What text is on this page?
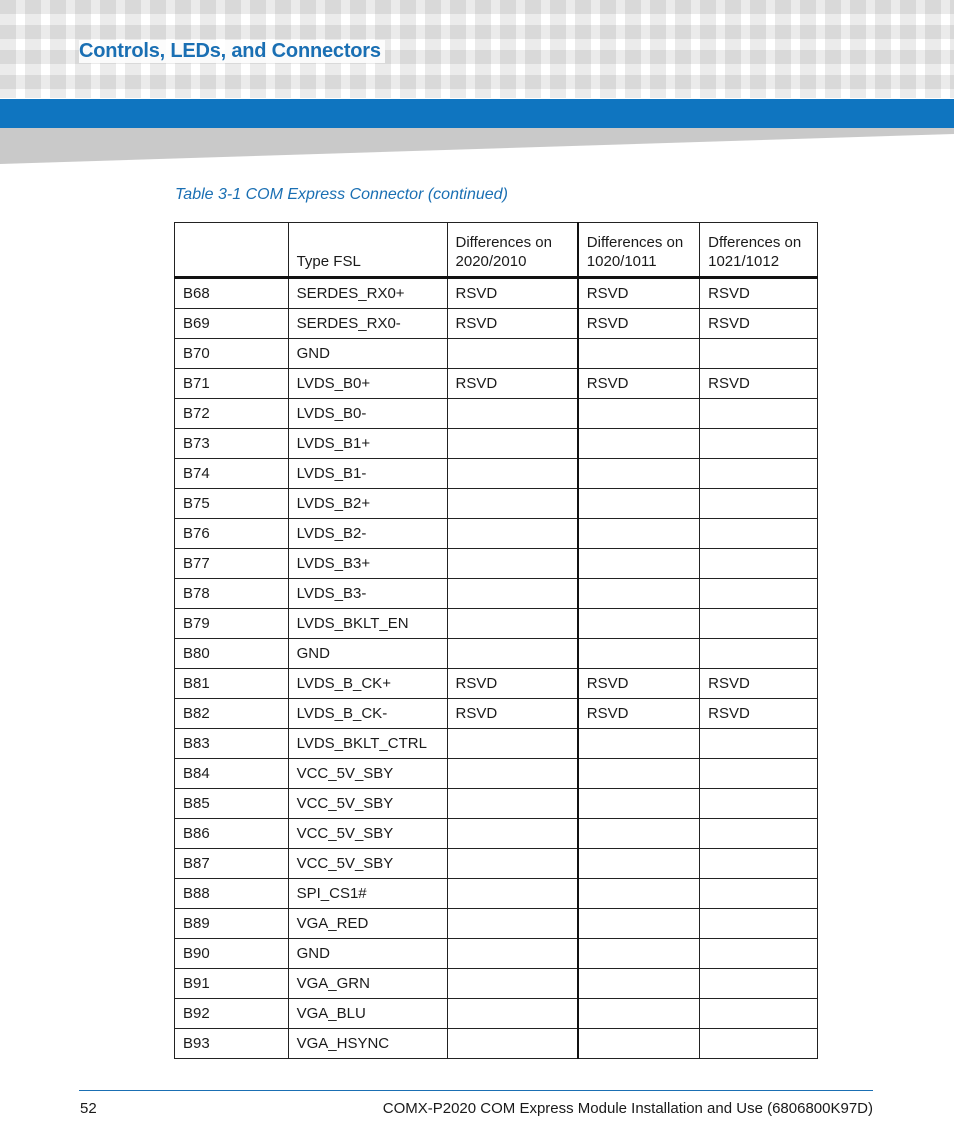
Controls, LEDs, and Connectors

Table 3-1 COM Express Connector (continued)

	Type FSL	Differences on 2020/2010	Differences on 1020/1011	Dfferences on 1021/1012
B68	SERDES_RX0+	RSVD	RSVD	RSVD
B69	SERDES_RX0-	RSVD	RSVD	RSVD
B70	GND			
B71	LVDS_B0+	RSVD	RSVD	RSVD
B72	LVDS_B0-			
B73	LVDS_B1+			
B74	LVDS_B1-			
B75	LVDS_B2+			
B76	LVDS_B2-			
B77	LVDS_B3+			
B78	LVDS_B3-			
B79	LVDS_BKLT_EN			
B80	GND			
B81	LVDS_B_CK+	RSVD	RSVD	RSVD
B82	LVDS_B_CK-	RSVD	RSVD	RSVD
B83	LVDS_BKLT_CTRL			
B84	VCC_5V_SBY			
B85	VCC_5V_SBY			
B86	VCC_5V_SBY			
B87	VCC_5V_SBY			
B88	SPI_CS1#			
B89	VGA_RED			
B90	GND			
B91	VGA_GRN			
B92	VGA_BLU			
B93	VGA_HSYNC			
52	COMX-P2020 COM Express Module Installation and Use (6806800K97D)
